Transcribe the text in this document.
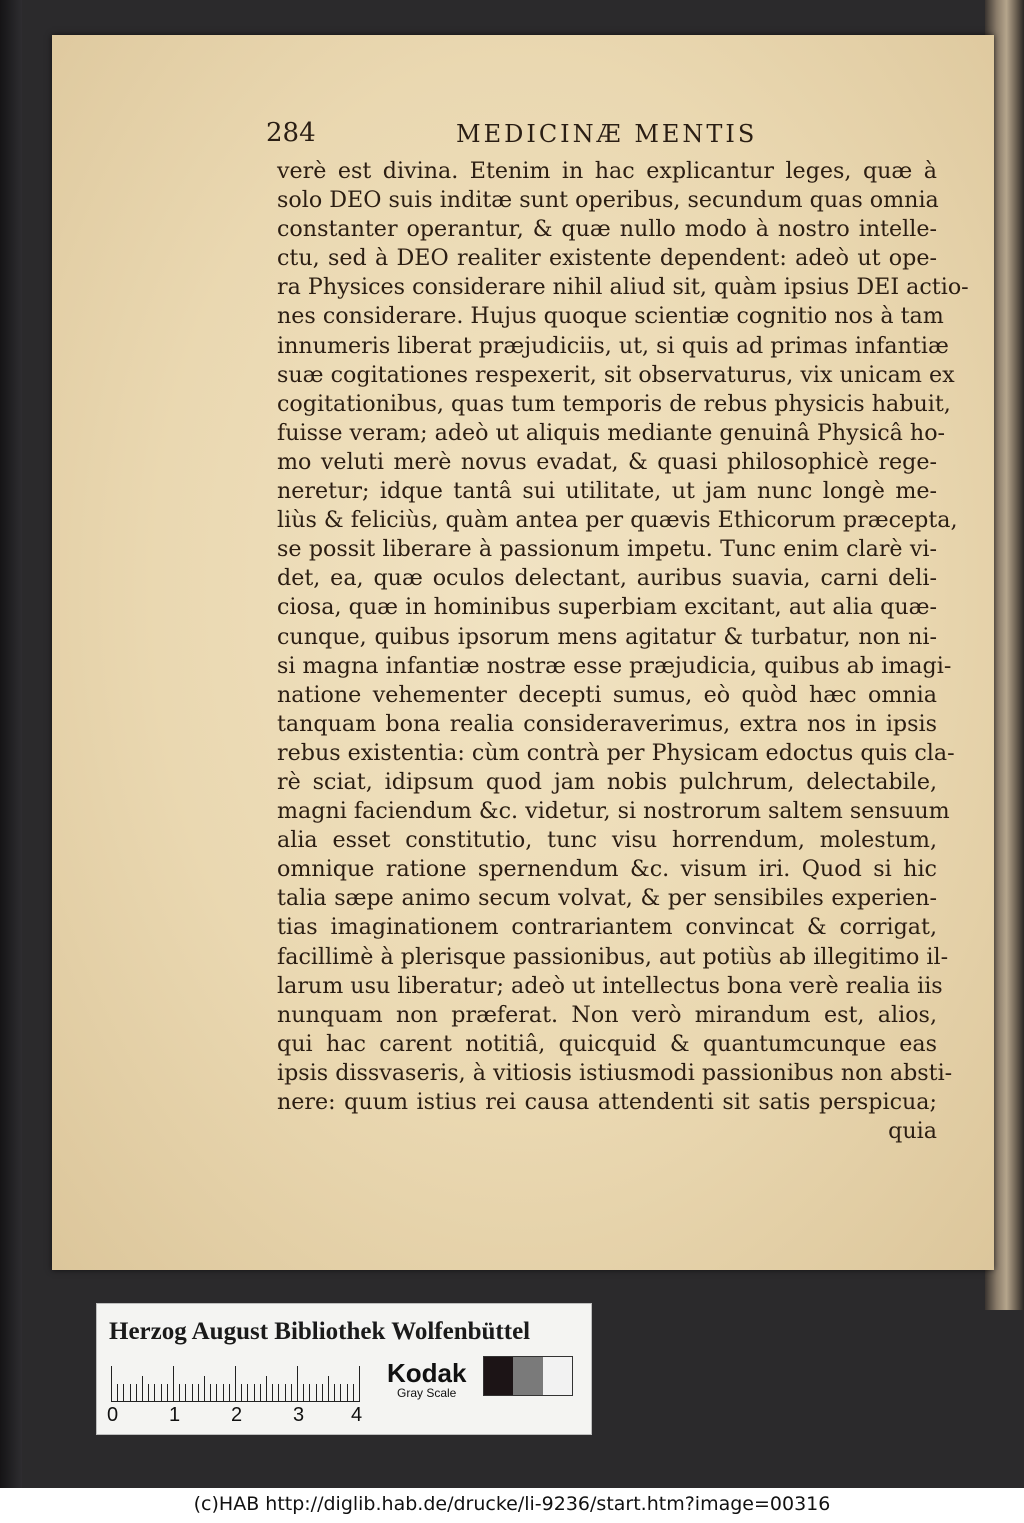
284	MEDICINÆ MENTIS
verè est divina. Etenim in hac explicantur leges, quæ à
solo DEO suis inditæ sunt operibus, secundum quas omnia
constanter operantur, & quæ nullo modo à nostro intelle-
ctu, sed à DEO realiter existente dependent: adeò ut ope-
ra Physices considerare nihil aliud sit, quàm ipsius DEI actio-
nes considerare. Hujus quoque scientiæ cognitio nos à tam
innumeris liberat præjudiciis, ut, si quis ad primas infantiæ
suæ cogitationes respexerit, sit observaturus, vix unicam ex
cogitationibus, quas tum temporis de rebus physicis habuit,
fuisse veram; adeò ut aliquis mediante genuinâ Physicâ ho-
mo veluti merè novus evadat, & quasi philosophicè rege-
neretur; idque tantâ sui utilitate, ut jam nunc longè me-
liùs & feliciùs, quàm antea per quævis Ethicorum præcepta,
se possit liberare à passionum impetu. Tunc enim clarè vi-
det, ea, quæ oculos delectant, auribus suavia, carni deli-
ciosa, quæ in hominibus superbiam excitant, aut alia quæ-
cunque, quibus ipsorum mens agitatur & turbatur, non ni-
si magna infantiæ nostræ esse præjudicia, quibus ab imagi-
natione vehementer decepti sumus, eò quòd hæc omnia
tanquam bona realia consideraverimus, extra nos in ipsis
rebus existentia: cùm contrà per Physicam edoctus quis cla-
rè sciat, idipsum quod jam nobis pulchrum, delectabile,
magni faciendum &c. videtur, si nostrorum saltem sensuum
alia esset constitutio, tunc visu horrendum, molestum,
omnique ratione spernendum &c. visum iri. Quod si hic
talia sæpe animo secum volvat, & per sensibiles experien-
tias imaginationem contrariantem convincat & corrigat,
facillimè à plerisque passionibus, aut potiùs ab illegitimo il-
larum usu liberatur; adeò ut intellectus bona verè realia iis
nunquam non præferat. Non verò mirandum est, alios,
qui hac carent notitiâ, quicquid & quantumcunque eas
ipsis dissvaseris, à vitiosis istiusmodi passionibus non absti-
nere: quum istius rei causa attendenti sit satis perspicua;
quia
Herzog August Bibliothek Wolfenbüttel
0	1	2	3 4
Kodak
Gray Scale
(c)HAB http://diglib.hab.de/drucke/li-9236/start.htm?image=00316
